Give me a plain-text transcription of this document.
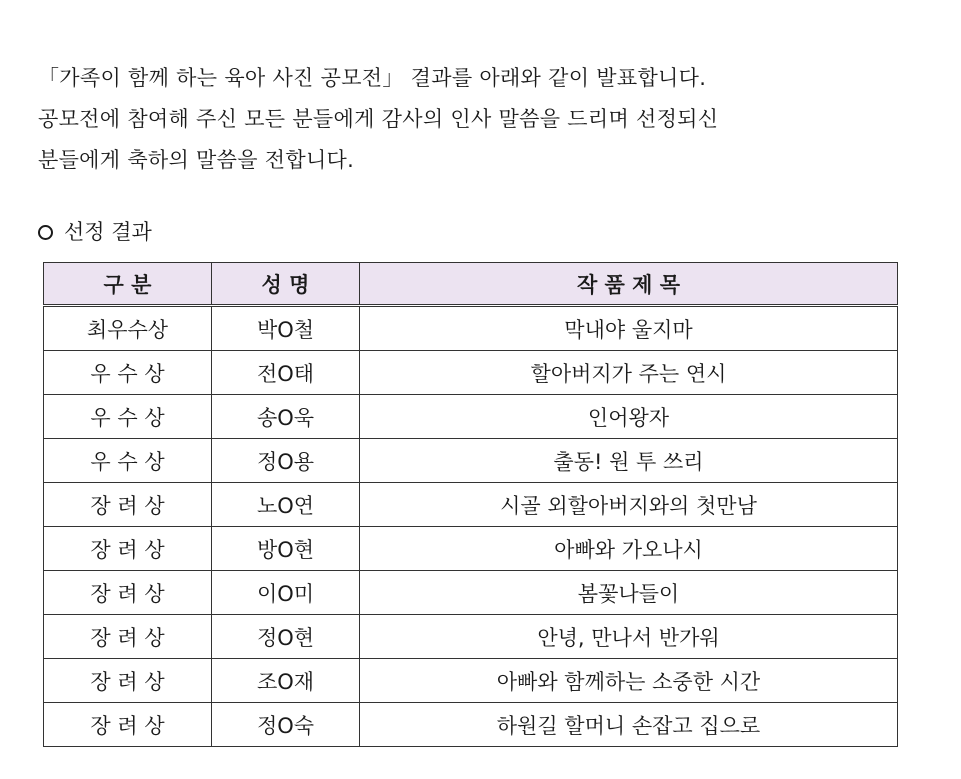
「가족이 함께 하는 육아 사진 공모전」 결과를 아래와 같이 발표합니다.

공모전에 참여해 주신 모든 분들에게 감사의 인사 말씀을 드리며 선정되신

분들에게 축하의 말씀을 전합니다.

선정 결과
구 분	성 명	작 품 제 목
최우수상	박O철	막내야 울지마
우 수 상	전O태	할아버지가 주는 연시
우 수 상	송O욱	인어왕자
우 수 상	정O용	출동! 원 투 쓰리
장 려 상	노O연	시골 외할아버지와의 첫만남
장 려 상	방O현	아빠와 가오나시
장 려 상	이O미	봄꽃나들이
장 려 상	정O현	안녕, 만나서 반가워
장 려 상	조O재	아빠와 함께하는 소중한 시간
장 려 상	정O숙	하원길 할머니 손잡고 집으로
